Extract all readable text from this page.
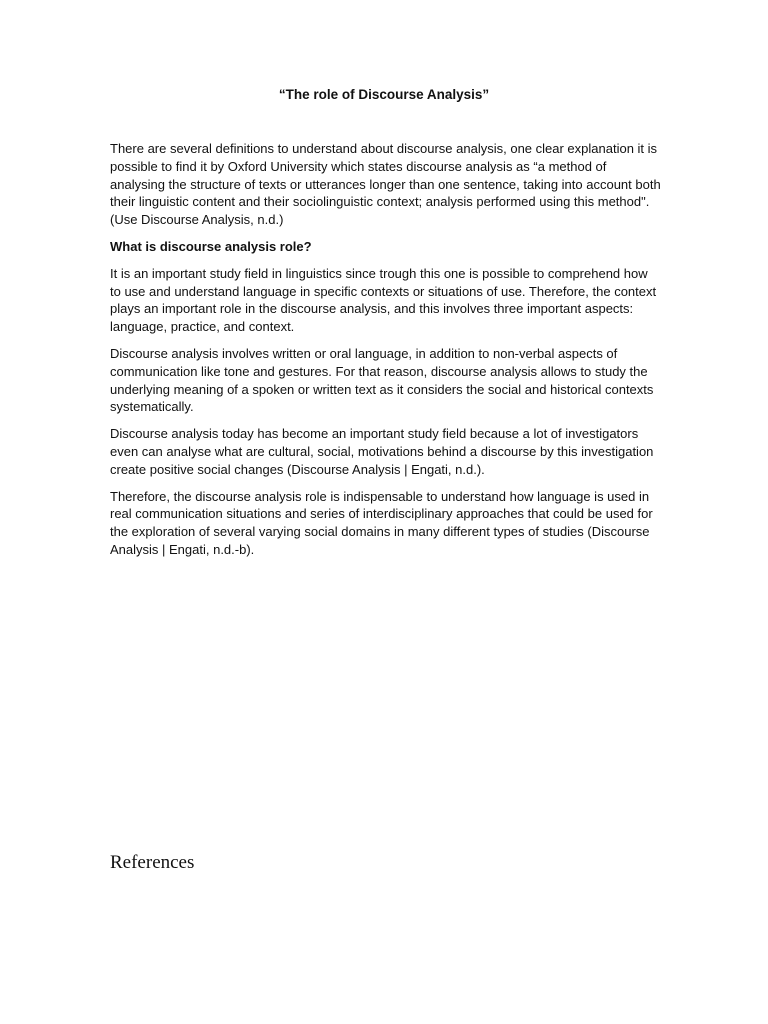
“The role of Discourse Analysis”

There are several definitions to understand about discourse analysis, one clear explanation it is possible to find it by Oxford University which states discourse analysis as “a method of analysing the structure of texts or utterances longer than one sentence, taking into account both their linguistic content and their sociolinguistic context; analysis performed using this method". (Use Discourse Analysis, n.d.)

What is discourse analysis role?

It is an important study field in linguistics since trough this one is possible to comprehend how to use and understand language in specific contexts or situations of use. Therefore, the context plays an important role in the discourse analysis, and this involves three important aspects: language, practice, and context.

Discourse analysis involves written or oral language, in addition to non-verbal aspects of communication like tone and gestures. For that reason, discourse analysis allows to study the underlying meaning of a spoken or written text as it considers the social and historical contexts systematically.

Discourse analysis today has become an important study field because a lot of investigators even can analyse what are cultural, social, motivations behind a discourse by this investigation create positive social changes (Discourse Analysis | Engati, n.d.).

Therefore, the discourse analysis role is indispensable to understand how language is used in real communication situations and series of interdisciplinary approaches that could be used for the exploration of several varying social domains in many different types of studies (Discourse Analysis | Engati, n.d.-b).

References
